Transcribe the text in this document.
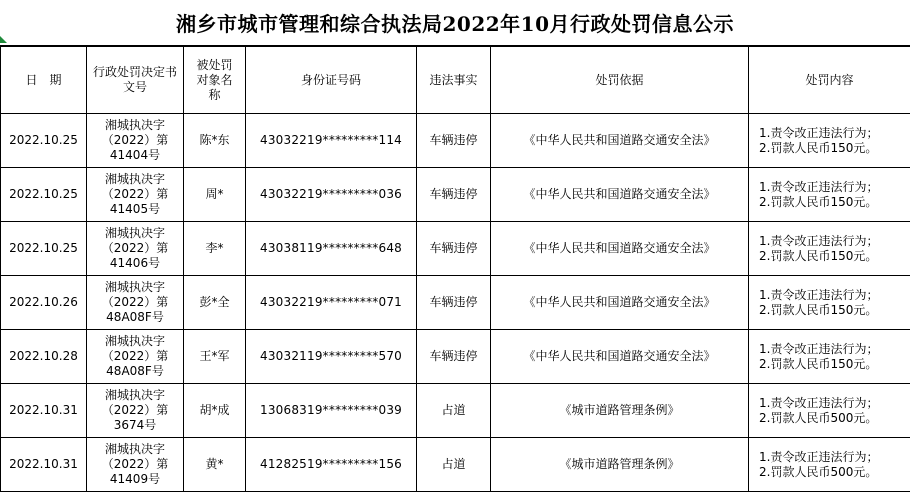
湘乡市城市管理和综合执法局2022年10月行政处罚信息公示
日　期	行政处罚决定书文号	被处罚对象名称	身份证号码	违法事实	处罚依据	处罚内容
2022.10.25	湘城执决字
（2022）第
41404号	陈*东	43032219*********114	车辆违停	《中华人民共和国道路交通安全法》	1.责令改正违法行为；
2.罚款人民币150元。

2022.10.25	湘城执决字
（2022）第
41405号	周*	43032219*********036	车辆违停	《中华人民共和国道路交通安全法》	1.责令改正违法行为；
2.罚款人民币150元。

2022.10.25	湘城执决字
（2022）第
41406号	李*	43038119*********648	车辆违停	《中华人民共和国道路交通安全法》	1.责令改正违法行为；
2.罚款人民币150元。

2022.10.26	湘城执决字
（2022）第
48A08F号	彭*全	43032219*********071	车辆违停	《中华人民共和国道路交通安全法》	1.责令改正违法行为；
2.罚款人民币150元。

2022.10.28	湘城执决字
（2022）第
48A08F号	王*军	43032119*********570	车辆违停	《中华人民共和国道路交通安全法》	1.责令改正违法行为；
2.罚款人民币150元。

2022.10.31	湘城执决字
（2022）第
3674号	胡*成	13068319*********039	占道	《城市道路管理条例》	1.责令改正违法行为；
2.罚款人民币500元。

2022.10.31	湘城执决字
（2022）第
41409号	黄*	41282519*********156	占道	《城市道路管理条例》	1.责令改正违法行为；
2.罚款人民币500元。
